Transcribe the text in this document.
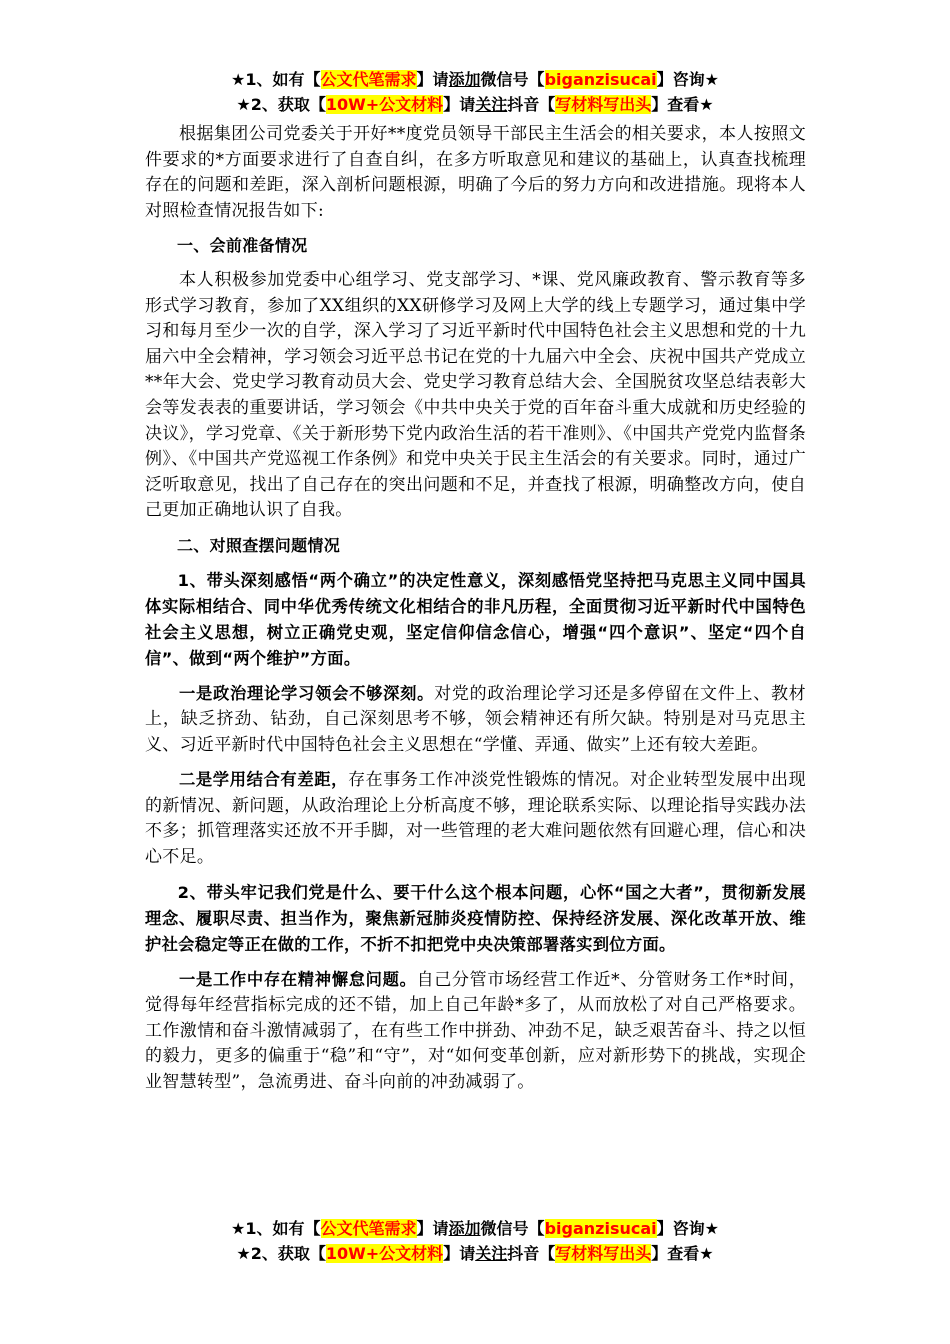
★1、如有【公文代笔需求】请添加微信号【biganzisucai】咨询★
★2、获取【10W+公文材料】请关注抖音【写材料写出头】查看★

根据集团公司党委关于开好**度党员领导干部民主生活会的相关要求，本人按照文件要求的*方面要求进行了自查自纠，在多方听取意见和建议的基础上，认真查找梳理存在的问题和差距，深入剖析问题根源，明确了今后的努力方向和改进措施。现将本人对照检查情况报告如下:

一、会前准备情况

本人积极参加党委中心组学习、党支部学习、*课、党风廉政教育、警示教育等多形式学习教育，参加了XX组织的XX研修学习及网上大学的线上专题学习，通过集中学习和每月至少一次的自学，深入学习了习近平新时代中国特色社会主义思想和党的十九届六中全会精神，学习领会习近平总书记在党的十九届六中全会、庆祝中国共产党成立**年大会、党史学习教育动员大会、党史学习教育总结大会、全国脱贫攻坚总结表彰大会等发表表的重要讲话，学习领会《中共中央关于党的百年奋斗重大成就和历史经验的决议》，学习党章、《关于新形势下党内政治生活的若干准则》、《中国共产党党内监督条例》、《中国共产党巡视工作条例》和党中央关于民主生活会的有关要求。同时，通过广泛听取意见，找出了自己存在的突出问题和不足，并查找了根源，明确整改方向，使自己更加正确地认识了自我。

二、对照查摆问题情况

1、带头深刻感悟“两个确立”的决定性意义，深刻感悟党坚持把马克思主义同中国具体实际相结合、同中华优秀传统文化相结合的非凡历程，全面贯彻习近平新时代中国特色社会主义思想，树立正确党史观，坚定信仰信念信心，增强“四个意识”、坚定“四个自信”、做到“两个维护”方面。

一是政治理论学习领会不够深刻。对党的政治理论学习还是多停留在文件上、教材上，缺乏挤劲、钻劲，自己深刻思考不够，领会精神还有所欠缺。特别是对马克思主义、习近平新时代中国特色社会主义思想在“学懂、弄通、做实”上还有较大差距。

二是学用结合有差距，存在事务工作冲淡党性锻炼的情况。对企业转型发展中出现的新情况、新问题，从政治理论上分析高度不够，理论联系实际、以理论指导实践办法不多；抓管理落实还放不开手脚，对一些管理的老大难问题依然有回避心理，信心和决心不足。

2、带头牢记我们党是什么、要干什么这个根本问题，心怀“国之大者”，贯彻新发展理念、履职尽责、担当作为，聚焦新冠肺炎疫情防控、保持经济发展、深化改革开放、维护社会稳定等正在做的工作，不折不扣把党中央决策部署落实到位方面。

一是工作中存在精神懈怠问题。自己分管市场经营工作近*、分管财务工作*时间，觉得每年经营指标完成的还不错，加上自己年龄*多了，从而放松了对自己严格要求。工作激情和奋斗激情减弱了，在有些工作中拼劲、冲劲不足，缺乏艰苦奋斗、持之以恒的毅力，更多的偏重于“稳”和“守”，对“如何变革创新，应对新形势下的挑战，实现企业智慧转型”，急流勇进、奋斗向前的冲劲减弱了。

★1、如有【公文代笔需求】请添加微信号【biganzisucai】咨询★
★2、获取【10W+公文材料】请关注抖音【写材料写出头】查看★
